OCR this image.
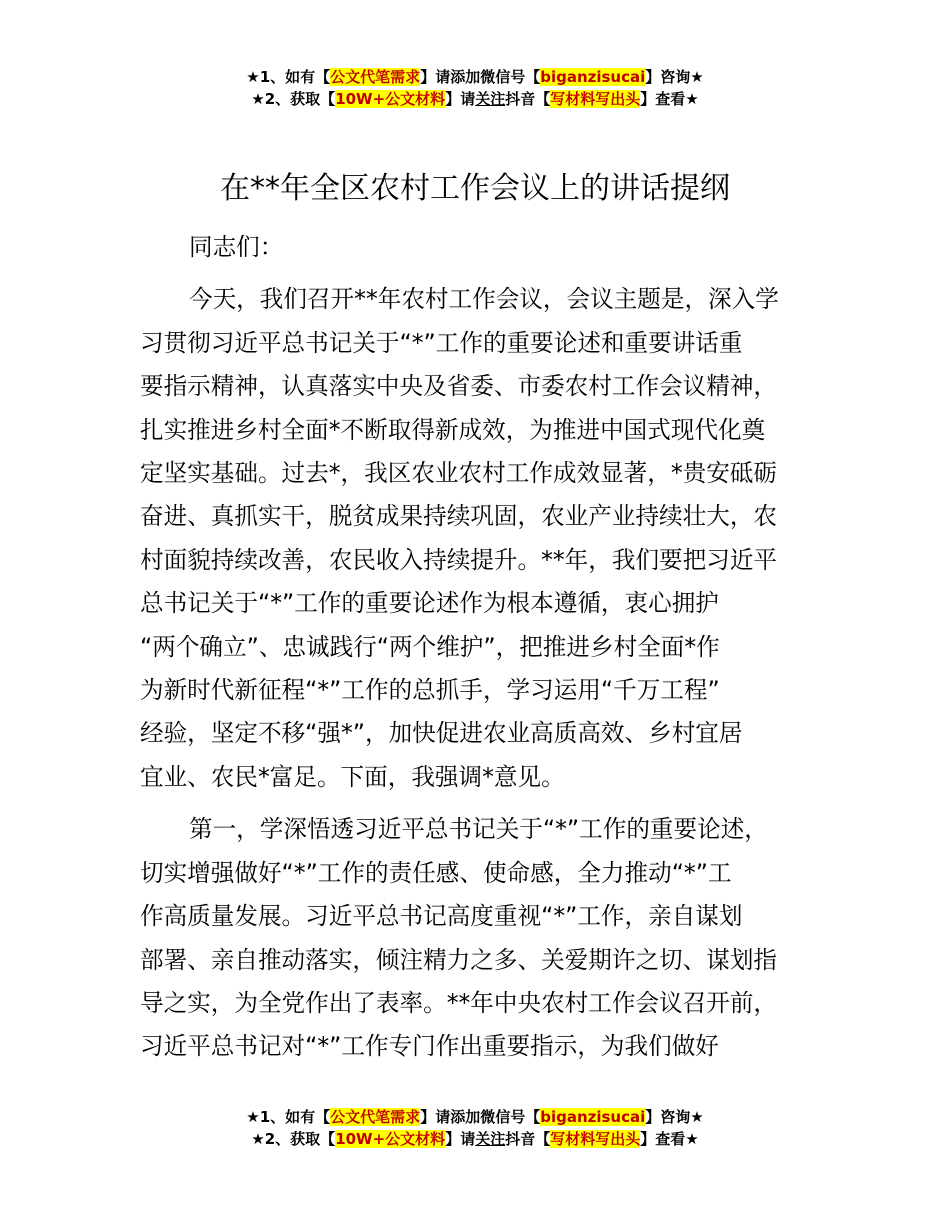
★1、如有【公文代笔需求】请添加微信号【biganzisucai】咨询★
★2、获取【10W+公文材料】请关注抖音【写材料写出头】查看★
在**年全区农村工作会议上的讲话提纲

同志们：

今天，我们召开**年农村工作会议，会议主题是，深入学
习贯彻习近平总书记关于“*”工作的重要论述和重要讲话重
要指示精神，认真落实中央及省委、市委农村工作会议精神，
扎实推进乡村全面*不断取得新成效，为推进中国式现代化奠
定坚实基础。过去*，我区农业农村工作成效显著，*贵安砥砺
奋进、真抓实干，脱贫成果持续巩固，农业产业持续壮大，农
村面貌持续改善，农民收入持续提升。**年，我们要把习近平
总书记关于“*”工作的重要论述作为根本遵循，衷心拥护
“两个确立”、忠诚践行“两个维护”，把推进乡村全面*作
为新时代新征程“*”工作的总抓手，学习运用“千万工程”
经验，坚定不移“强*”，加快促进农业高质高效、乡村宜居
宜业、农民*富足。下面，我强调*意见。

第一，学深悟透习近平总书记关于“*”工作的重要论述，
切实增强做好“*”工作的责任感、使命感，全力推动“*”工
作高质量发展。习近平总书记高度重视“*”工作，亲自谋划
部署、亲自推动落实，倾注精力之多、关爱期许之切、谋划指
导之实，为全党作出了表率。**年中央农村工作会议召开前，
习近平总书记对“*”工作专门作出重要指示，为我们做好

★1、如有【公文代笔需求】请添加微信号【biganzisucai】咨询★
★2、获取【10W+公文材料】请关注抖音【写材料写出头】查看★
